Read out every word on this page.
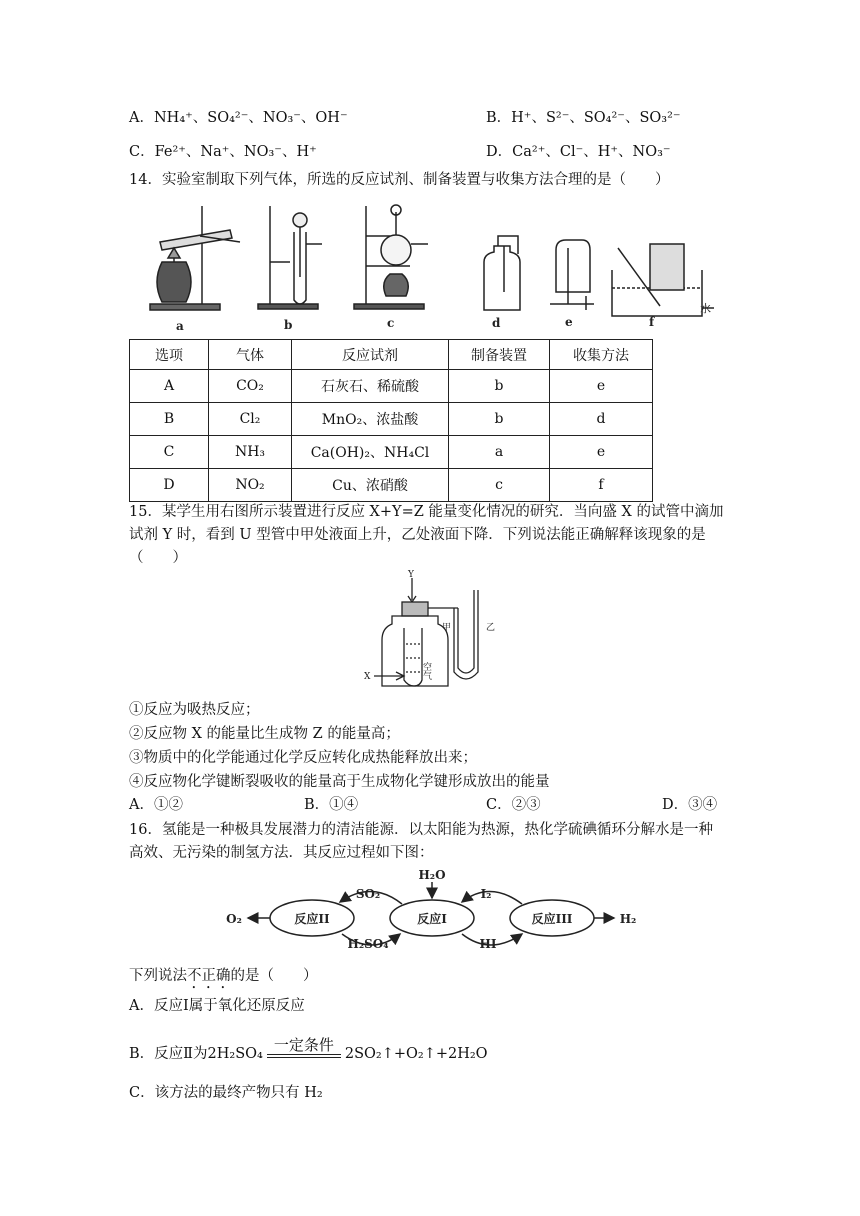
A．NH₄⁺、SO₄²⁻、NO₃⁻、OH⁻	B．H⁺、S²⁻、SO₄²⁻、SO₃²⁻
C．Fe²⁺、Na⁺、NO₃⁻、H⁺	D．Ca²⁺、Cl⁻、H⁺、NO₃⁻
14．实验室制取下列气体，所选的反应试剂、制备装置与收集方法合理的是（　　）
a	b	c	d	e	f
水
选项	气体	反应试剂	制备装置	收集方法
A	CO₂	石灰石、稀硫酸	b	e
B	Cl₂	MnO₂、浓盐酸	b	d
C	NH₃	Ca(OH)₂、NH₄Cl	a	e
D	NO₂	Cu、浓硝酸	c	f
15．某学生用右图所示装置进行反应 X+Y=Z 能量变化情况的研究．当向盛 X 的试管中滴加
试剂 Y 时，看到 U 型管中甲处液面上升，乙处液面下降．下列说法能正确解释该现象的是
（　　）
Y
X
甲	乙
空气
①反应为吸热反应；
②反应物 X 的能量比生成物 Z 的能量高；
③物质中的化学能通过化学反应转化成热能释放出来；
④反应物化学键断裂吸收的能量高于生成物化学键形成放出的能量
A．①②	B．①④	C．②③	D．③④
16．氢能是一种极具发展潜力的清洁能源．以太阳能为热源，热化学硫碘循环分解水是一种
高效、无污染的制氢方法．其反应过程如下图：
反应II	反应I	反应III
O₂	H₂
SO₂
H₂SO₄
H₂O
I₂
HI
下列说法不正确的是（　　）
A．反应Ⅰ属于氧化还原反应
B．反应Ⅱ为 2H₂SO₄ 一定条件 2SO₂↑+O₂↑+2H₂O
C．该方法的最终产物只有 H₂
